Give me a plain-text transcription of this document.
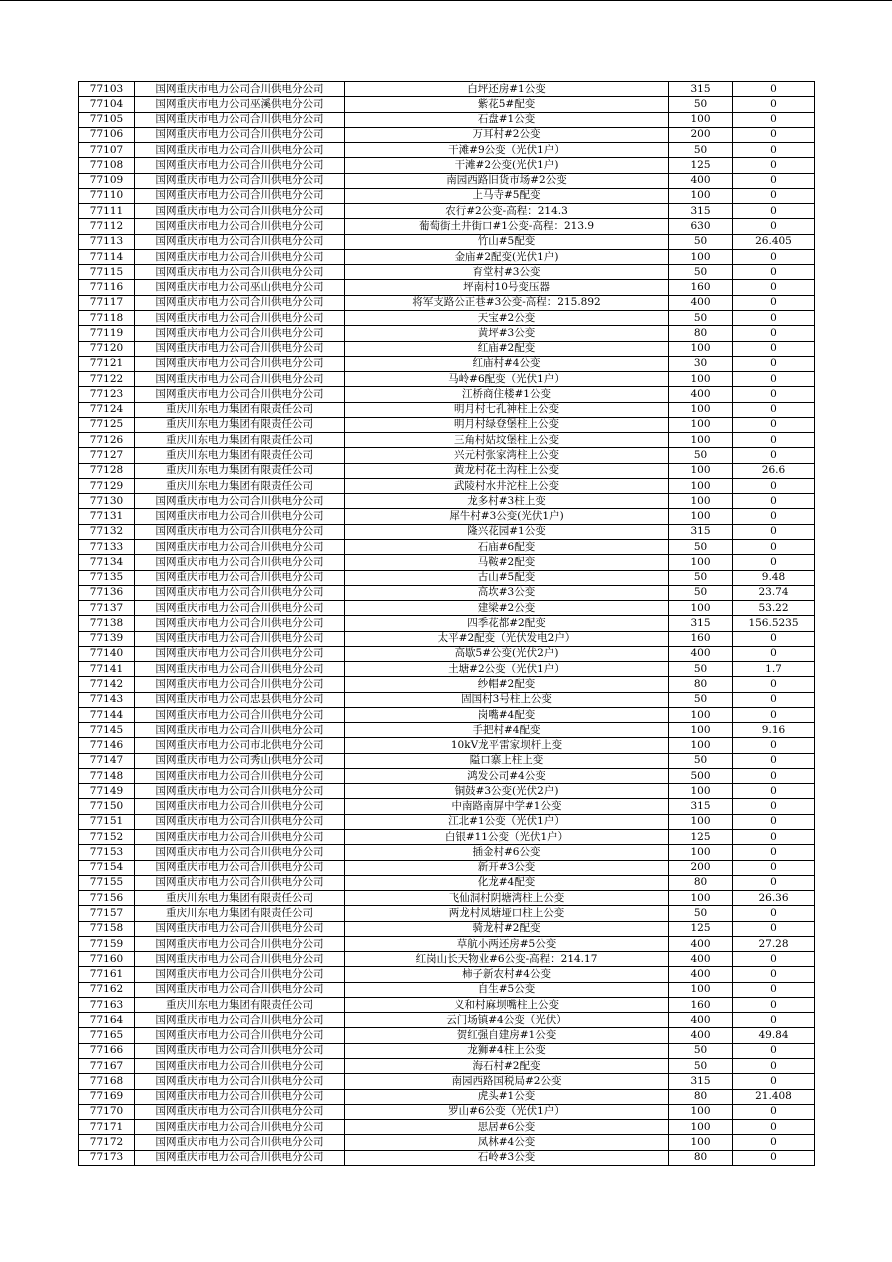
77103	国网重庆市电力公司合川供电分公司	白坪还房#1公变	315	0
77104	国网重庆市电力公司巫溪供电分公司	紫花5#配变	50	0
77105	国网重庆市电力公司合川供电分公司	石盘#1公变	100	0
77106	国网重庆市电力公司合川供电分公司	万耳村#2公变	200	0
77107	国网重庆市电力公司合川供电分公司	干滩#9公变（光伏1户）	50	0
77108	国网重庆市电力公司合川供电分公司	干滩#2公变(光伏1户)	125	0
77109	国网重庆市电力公司合川供电分公司	南园西路旧货市场#2公变	400	0
77110	国网重庆市电力公司合川供电分公司	上马寺#5配变	100	0
77111	国网重庆市电力公司合川供电分公司	农行#2公变-高程：214.3	315	0
77112	国网重庆市电力公司合川供电分公司	葡萄街土井街口#1公变-高程：213.9	630	0
77113	国网重庆市电力公司合川供电分公司	竹山#5配变	50	26.405
77114	国网重庆市电力公司合川供电分公司	金庙#2配变(光伏1户)	100	0
77115	国网重庆市电力公司合川供电分公司	育堂村#3公变	50	0
77116	国网重庆市电力公司巫山供电分公司	坪南村10号变压器	160	0
77117	国网重庆市电力公司合川供电分公司	将军支路公正巷#3公变-高程：215.892	400	0
77118	国网重庆市电力公司合川供电分公司	天宝#2公变	50	0
77119	国网重庆市电力公司合川供电分公司	黄坪#3公变	80	0
77120	国网重庆市电力公司合川供电分公司	红庙#2配变	100	0
77121	国网重庆市电力公司合川供电分公司	红庙村#4公变	30	0
77122	国网重庆市电力公司合川供电分公司	马岭#6配变（光伏1户）	100	0
77123	国网重庆市电力公司合川供电分公司	江桥商住楼#1公变	400	0
77124	重庆川东电力集团有限责任公司	明月村七孔神柱上公变	100	0
77125	重庆川东电力集团有限责任公司	明月村绿登堡柱上公变	100	0
77126	重庆川东电力集团有限责任公司	三角村姑坟堡柱上公变	100	0
77127	重庆川东电力集团有限责任公司	兴元村张家湾柱上公变	50	0
77128	重庆川东电力集团有限责任公司	黄龙村花土沟柱上公变	100	26.6
77129	重庆川东电力集团有限责任公司	武陵村水井沱柱上公变	100	0
77130	国网重庆市电力公司合川供电分公司	龙多村#3柱上变	100	0
77131	国网重庆市电力公司合川供电分公司	犀牛村#3公变(光伏1户)	100	0
77132	国网重庆市电力公司合川供电分公司	隆兴花园#1公变	315	0
77133	国网重庆市电力公司合川供电分公司	石庙#6配变	50	0
77134	国网重庆市电力公司合川供电分公司	马鞍#2配变	100	0
77135	国网重庆市电力公司合川供电分公司	古山#5配变	50	9.48
77136	国网重庆市电力公司合川供电分公司	高坎#3公变	50	23.74
77137	国网重庆市电力公司合川供电分公司	建梁#2公变	100	53.22
77138	国网重庆市电力公司合川供电分公司	四季花都#2配变	315	156.5235
77139	国网重庆市电力公司合川供电分公司	太平#2配变（光伏发电2户）	160	0
77140	国网重庆市电力公司合川供电分公司	高歇5#公变(光伏2户)	400	0
77141	国网重庆市电力公司合川供电分公司	土塘#2公变（光伏1户）	50	1.7
77142	国网重庆市电力公司合川供电分公司	纱帽#2配变	80	0
77143	国网重庆市电力公司忠县供电分公司	固国村3号柱上公变	50	0
77144	国网重庆市电力公司合川供电分公司	岗嘴#4配变	100	0
77145	国网重庆市电力公司合川供电分公司	手把村#4配变	100	9.16
77146	国网重庆市电力公司市北供电分公司	10kV龙平雷家坝杆上变	100	0
77147	国网重庆市电力公司秀山供电分公司	隘口寨上柱上变	50	0
77148	国网重庆市电力公司合川供电分公司	鸿发公司#4公变	500	0
77149	国网重庆市电力公司合川供电分公司	铜鼓#3公变(光伏2户)	100	0
77150	国网重庆市电力公司合川供电分公司	中南路南屏中学#1公变	315	0
77151	国网重庆市电力公司合川供电分公司	江北#1公变（光伏1户）	100	0
77152	国网重庆市电力公司合川供电分公司	白银#11公变（光伏1户）	125	0
77153	国网重庆市电力公司合川供电分公司	插金村#6公变	100	0
77154	国网重庆市电力公司合川供电分公司	新开#3公变	200	0
77155	国网重庆市电力公司合川供电分公司	化龙#4配变	80	0
77156	重庆川东电力集团有限责任公司	飞仙洞村阴塘湾柱上公变	100	26.36
77157	重庆川东电力集团有限责任公司	两龙村凤塘垭口柱上公变	50	0
77158	国网重庆市电力公司合川供电分公司	骑龙村#2配变	125	0
77159	国网重庆市电力公司合川供电分公司	草航小两还房#5公变	400	27.28
77160	国网重庆市电力公司合川供电分公司	红岗山长天物业#6公变-高程：214.17	400	0
77161	国网重庆市电力公司合川供电分公司	柿子新农村#4公变	400	0
77162	国网重庆市电力公司合川供电分公司	自生#5公变	100	0
77163	重庆川东电力集团有限责任公司	义和村麻坝嘴柱上公变	160	0
77164	国网重庆市电力公司合川供电分公司	云门场镇#4公变（光伏）	400	0
77165	国网重庆市电力公司合川供电分公司	贺红强自建房#1公变	400	49.84
77166	国网重庆市电力公司合川供电分公司	龙狮#4柱上公变	50	0
77167	国网重庆市电力公司合川供电分公司	海石村#2配变	50	0
77168	国网重庆市电力公司合川供电分公司	南园西路国税局#2公变	315	0
77169	国网重庆市电力公司合川供电分公司	虎头#1公变	80	21.408
77170	国网重庆市电力公司合川供电分公司	罗山#6公变（光伏1户）	100	0
77171	国网重庆市电力公司合川供电分公司	思居#6公变	100	0
77172	国网重庆市电力公司合川供电分公司	凤林#4公变	100	0
77173	国网重庆市电力公司合川供电分公司	石岭#3公变	80	0
